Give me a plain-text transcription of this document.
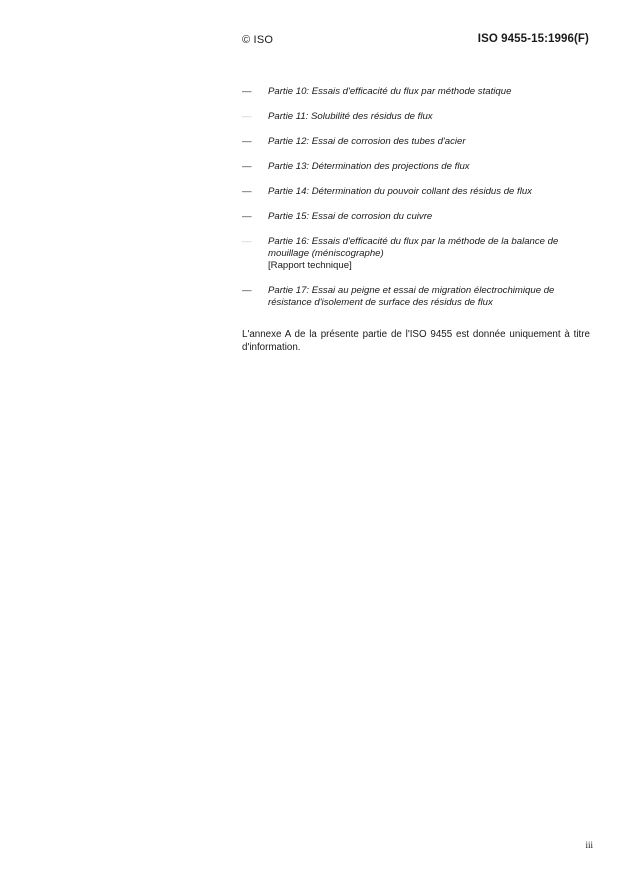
© ISO	ISO 9455-15:1996(F)
—	Partie 10: Essais d'efficacité du flux par méthode statique
—	Partie 11: Solubilité des résidus de flux
—	Partie 12: Essai de corrosion des tubes d'acier
—	Partie 13: Détermination des projections de flux
—	Partie 14: Détermination du pouvoir collant des résidus de flux
—	Partie 15: Essai de corrosion du cuivre
—	Partie 16: Essais d'efficacité du flux par la méthode de la balance de mouillage (méniscographe)
[Rapport technique]
—	Partie 17: Essai au peigne et essai de migration électrochimique de résistance d'isolement de surface des résidus de flux

L'annexe A de la présente partie de l'ISO 9455 est donnée uniquement à titre d'information.

iii
